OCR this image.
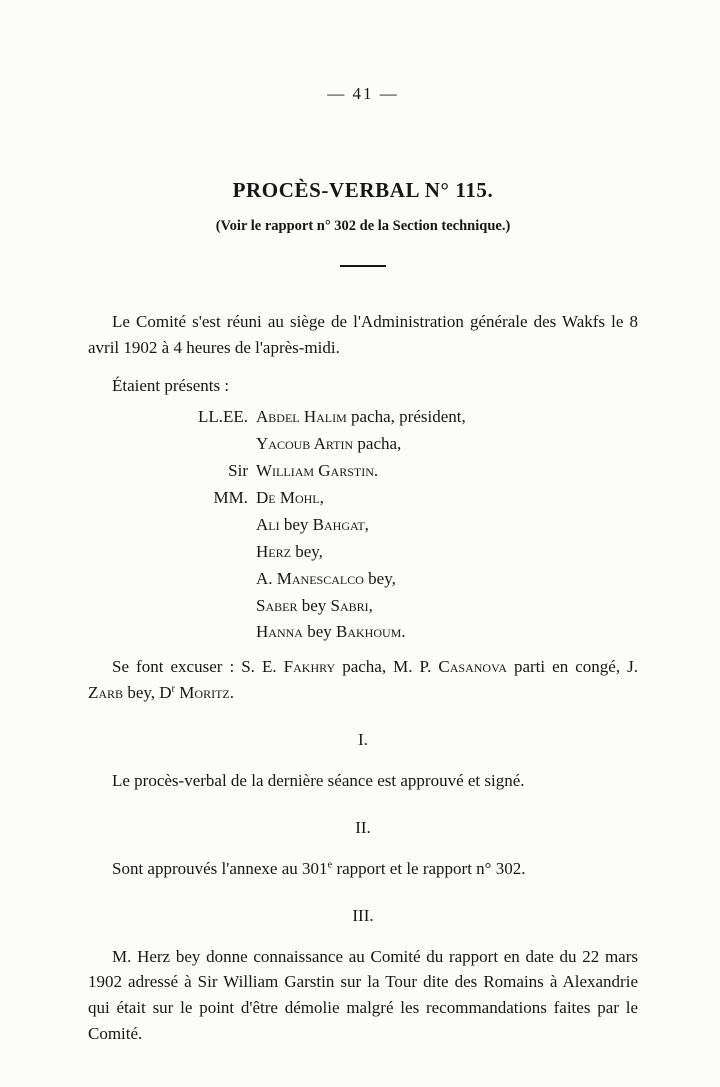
— 41 —
PROCÈS-VERBAL N° 115.
(Voir le rapport n° 302 de la Section technique.)

Le Comité s'est réuni au siège de l'Administration générale des Wakfs le 8 avril 1902 à 4 heures de l'après-midi.

Étaient présents :

LL.EE. Abdel Halim pacha, président,
Yacoub Artin pacha,
Sir William Garstin.
MM. De Mohl,
Ali bey Bahgat,
Herz bey,
A. Manescalco bey,
Saber bey Sabri,
Hanna bey Bakhoum.

Se font excuser : S. E. Fakhry pacha, M. P. Casanova parti en congé, J. Zarb bey, $D^r$ Moritz.

I.

Le procès-verbal de la dernière séance est approuvé et signé.

II.

Sont approuvés l'annexe au 301e rapport et le rapport n° 302.

III.

M. Herz bey donne connaissance au Comité du rapport en date du 22 mars 1902 adressé à Sir William Garstin sur la Tour dite des Romains à Alexandrie qui était sur le point d'être démolie malgré les recommandations faites par le Comité.
